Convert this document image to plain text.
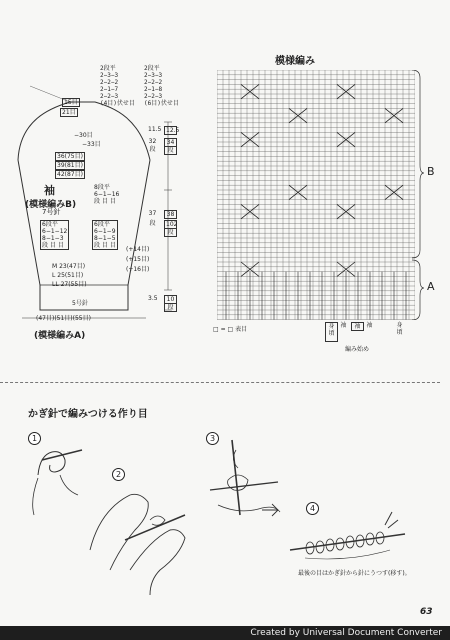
15目
21目
−30目
−33目
36(75目)
39(81目)
42(87目)
袖
(模様編みB)
7号針
8段平
6−1−16
段 目 目
6段平
6−1−12
8−1−3
段 目 目
6段平
6−1−9
8−1−5
段 目 目
(+14目)
(+15目)
(+16目)
M 23(47目)
L 25(51目)
LL 27(55目)
5号針
(47目)(51目)(55目)
(模様編みA)
2段平
2−3−3
2−2−2
2−1−7
2−2−3
(4目)伏せ目
2段平
2−3−3
2−2−2
2−1−8
2−2−3
(6目)伏せ目
11.5 12.5
32	34
段	段
37	38
102
段
段
3.5	10
段
模様編み
B
A
□ = □ 表目	身頃
袖	袖 袖	身頃
編み始め
かぎ針で編みつける作り目
1
2
3
4
最後の目はかぎ針から針にうつす(移す)。
63
Created by Universal Document Converter
